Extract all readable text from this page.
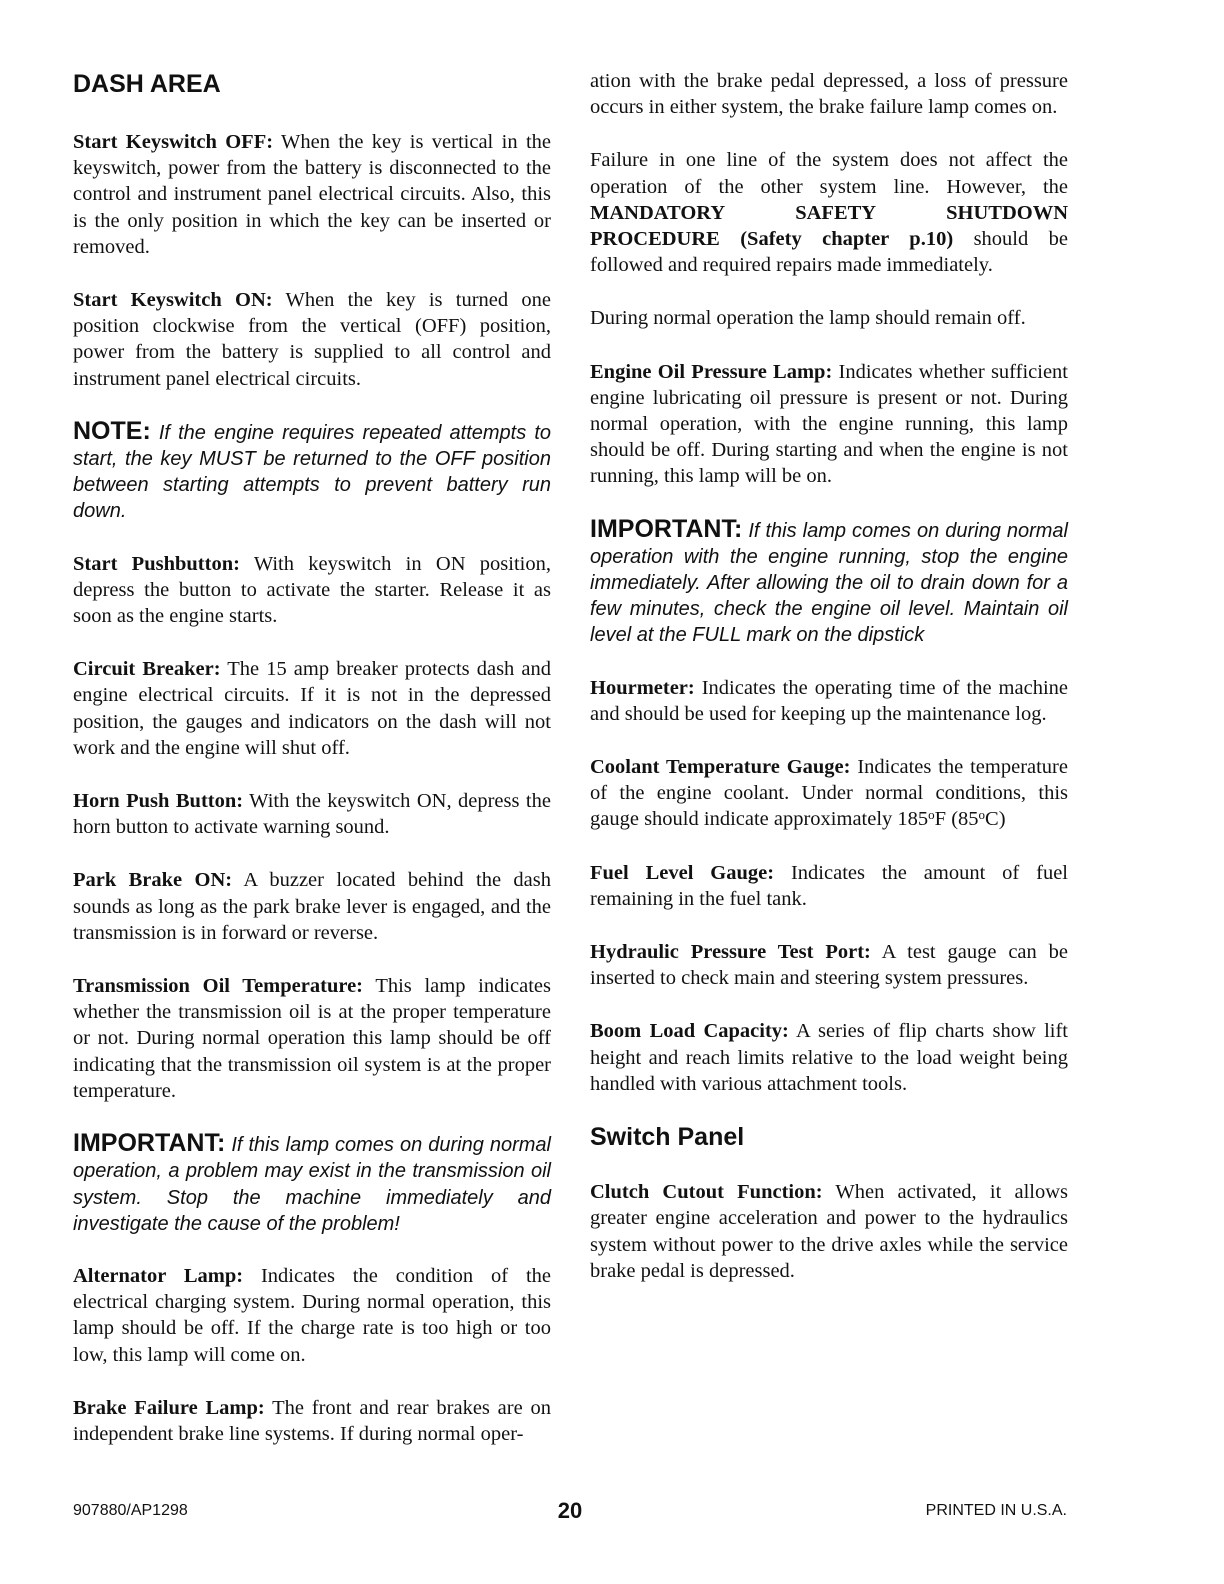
DASH AREA

Start Keyswitch OFF: When the key is vertical in the keyswitch, power from the battery is disconnected to the control and instrument panel electrical circuits. Also, this is the only position in which the key can be inserted or removed.

Start Keyswitch ON: When the key is turned one position clockwise from the vertical (OFF) position, power from the battery is supplied to all control and instrument panel electrical circuits.

NOTE: If the engine requires repeated attempts to start, the key MUST be returned to the OFF position between starting attempts to prevent battery run down.

Start Pushbutton: With keyswitch in ON position, depress the button to activate the starter. Release it as soon as the engine starts.

Circuit Breaker: The 15 amp breaker protects dash and engine electrical circuits. If it is not in the depressed position, the gauges and indicators on the dash will not work and the engine will shut off.

Horn Push Button: With the keyswitch ON, depress the horn button to activate warning sound.

Park Brake ON: A buzzer located behind the dash sounds as long as the park brake lever is engaged, and the transmission is in forward or reverse.

Transmission Oil Temperature: This lamp indicates whether the transmission oil is at the proper temperature or not. During normal operation this lamp should be off indicating that the transmission oil system is at the proper temperature.

IMPORTANT: If this lamp comes on during normal operation, a problem may exist in the transmission oil system. Stop the machine immediately and investigate the cause of the problem!

Alternator Lamp: Indicates the condition of the electrical charging system. During normal operation, this lamp should be off. If the charge rate is too high or too low, this lamp will come on.

Brake Failure Lamp: The front and rear brakes are on independent brake line systems. If during normal oper-

ation with the brake pedal depressed, a loss of pressure occurs in either system, the brake failure lamp comes on.

Failure in one line of the system does not affect the operation of the other system line. However, the MANDATORY SAFETY SHUTDOWN PROCEDURE (Safety chapter p.10) should be followed and required repairs made immediately.

During normal operation the lamp should remain off.

Engine Oil Pressure Lamp: Indicates whether sufficient engine lubricating oil pressure is present or not. During normal operation, with the engine running, this lamp should be off. During starting and when the engine is not running, this lamp will be on.

IMPORTANT: If this lamp comes on during normal operation with the engine running, stop the engine immediately. After allowing the oil to drain down for a few minutes, check the engine oil level. Maintain oil level at the FULL mark on the dipstick

Hourmeter: Indicates the operating time of the machine and should be used for keeping up the maintenance log.

Coolant Temperature Gauge: Indicates the temperature of the engine coolant. Under normal conditions, this gauge should indicate approximately 185$^o$F (85$^o$C)

Fuel Level Gauge: Indicates the amount of fuel remaining in the fuel tank.

Hydraulic Pressure Test Port: A test gauge can be inserted to check main and steering system pressures.

Boom Load Capacity: A series of flip charts show lift height and reach limits relative to the load weight being handled with various attachment tools.

Switch Panel

Clutch Cutout Function: When activated, it allows greater engine acceleration and power to the hydraulics system without power to the drive axles while the service brake pedal is depressed.

907880/AP1298	20	PRINTED IN U.S.A.
